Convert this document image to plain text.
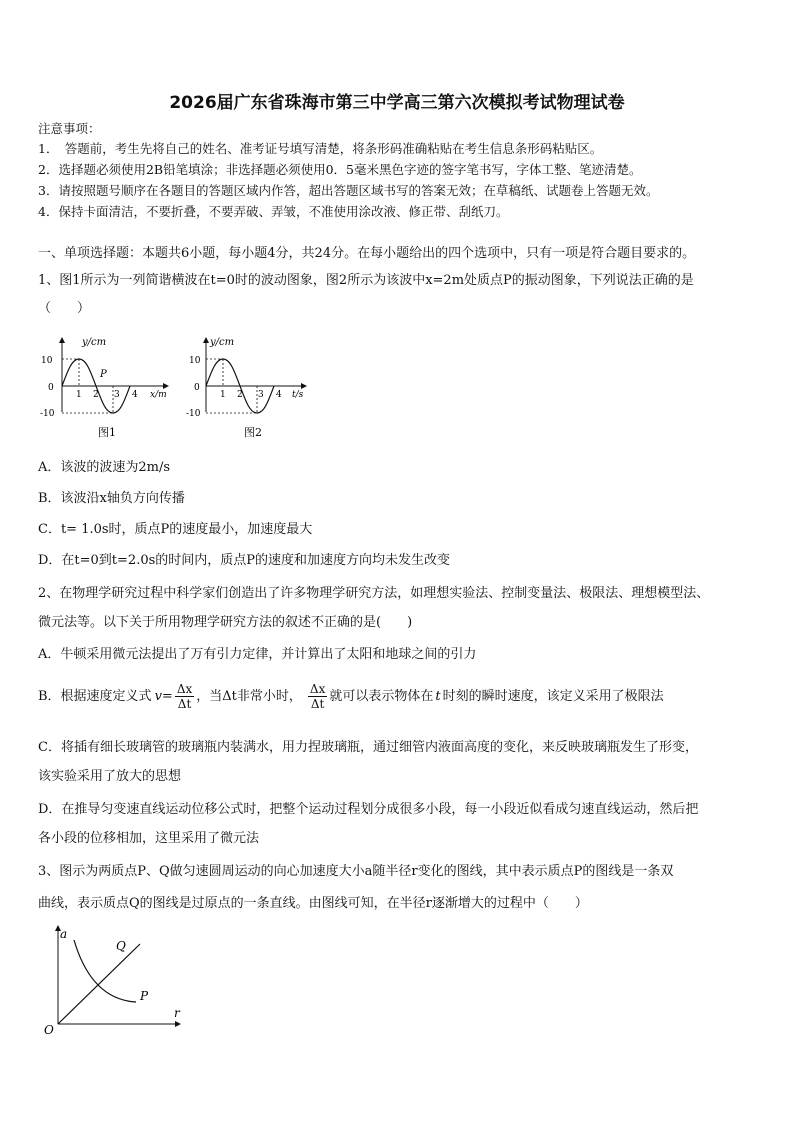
2026届广东省珠海市第三中学高三第六次模拟考试物理试卷
注意事项：
1．　答题前，考生先将自己的姓名、准考证号填写清楚，将条形码准确粘贴在考生信息条形码粘贴区。
2．选择题必须使用2B铅笔填涂；非选择题必须使用0．5毫米黑色字迹的签字笔书写，字体工整、笔迹清楚。
3．请按照题号顺序在各题目的答题区域内作答，超出答题区域书写的答案无效；在草稿纸、试题卷上答题无效。
4．保持卡面清洁，不要折叠，不要弄破、弄皱，不准使用涂改液、修正带、刮纸刀。
一、单项选择题：本题共6小题，每小题4分，共24分。在每小题给出的四个选项中，只有一项是符合题目要求的。
1、图1所示为一列简谐横波在t=0时的波动图象，图2所示为该波中x=2m处质点P的振动图象，下列说法正确的是
（　　）
y/cm
10
0
-10
1 2 3 4
P
x/m
图1
y/cm
10
0
-10
1 2 3 4 t/s
图2
A．该波的波速为2m/s
B．该波沿x轴负方向传播
C．t= 1.0s时，质点P的速度最小，加速度最大
D．在t=0到t=2.0s的时间内，质点P的速度和加速度方向均未发生改变
2、在物理学研究过程中科学家们创造出了许多物理学研究方法，如理想实验法、控制变量法、极限法、理想模型法、
微元法等。以下关于所用物理学研究方法的叙述不正确的是(　　)
A．牛顿采用微元法提出了万有引力定律，并计算出了太阳和地球之间的引力
B．根据速度定义式 $v = \frac{\Delta x}{\Delta t}$ ，当 Δt 非常小时， $\frac{\Delta x}{\Delta t}$ 就可以表示物体在 t 时刻的瞬时速度，该定义采用了极限法
C．将插有细长玻璃管的玻璃瓶内装满水，用力捏玻璃瓶，通过细管内液面高度的变化，来反映玻璃瓶发生了形变，
该实验采用了放大的思想
D．在推导匀变速直线运动位移公式时，把整个运动过程划分成很多小段，每一小段近似看成匀速直线运动，然后把
各小段的位移相加，这里采用了微元法
3、图示为两质点P、Q做匀速圆周运动的向心加速度大小a随半径r变化的图线，其中表示质点P的图线是一条双
曲线，表示质点Q的图线是过原点的一条直线。由图线可知，在半径r逐渐增大的过程中（　　）
a
r
O
Q
P
